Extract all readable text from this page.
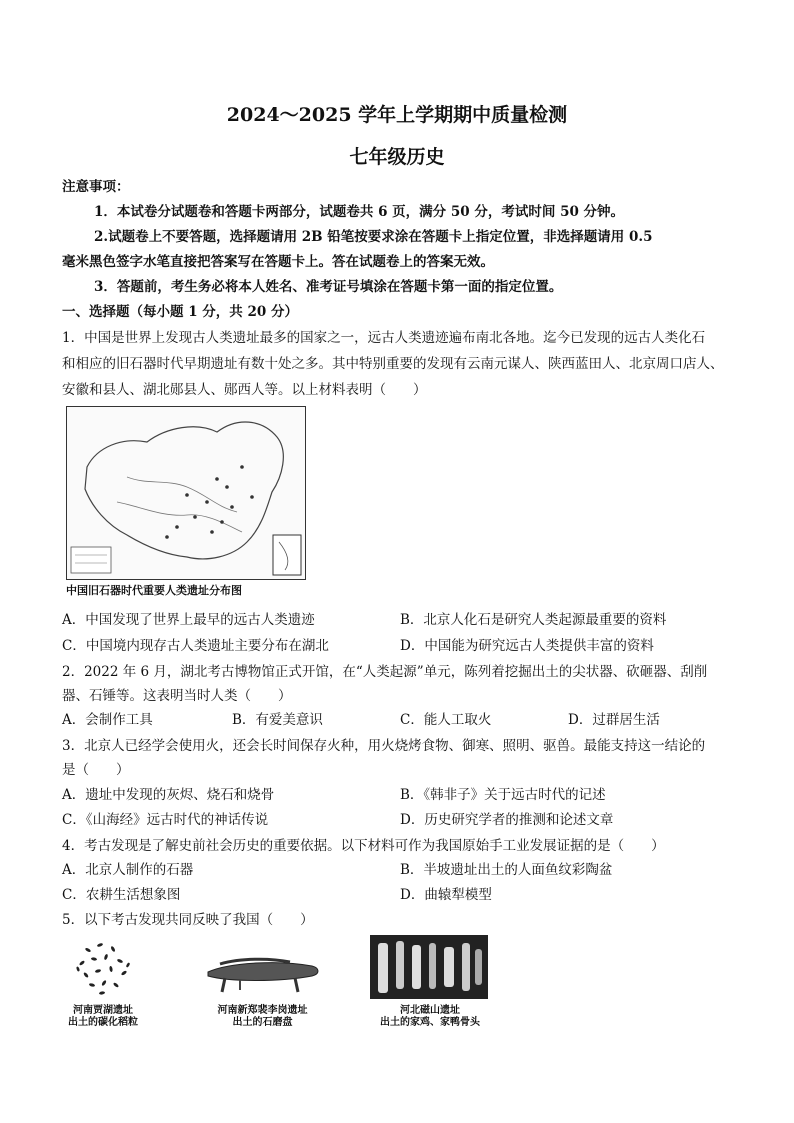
2024～2025 学年上学期期中质量检测
七年级历史
注意事项：
1．本试卷分试题卷和答题卡两部分，试题卷共 6 页，满分 50 分，考试时间 50 分钟。
2.试题卷上不要答题，选择题请用 2B 铅笔按要求涂在答题卡上指定位置，非选择题请用 0.5
毫米黑色签字水笔直接把答案写在答题卡上。答在试题卷上的答案无效。
3．答题前，考生务必将本人姓名、准考证号填涂在答题卡第一面的指定位置。
一、选择题（每小题 1 分，共 20 分）
1．中国是世界上发现古人类遗址最多的国家之一，远古人类遗迹遍布南北各地。迄今已发现的远古人类化石
和相应的旧石器时代早期遗址有数十处之多。其中特别重要的发现有云南元谋人、陕西蓝田人、北京周口店人、
安徽和县人、湖北郧县人、郧西人等。以上材料表明（　　）
中国旧石器时代重要人类遗址分布图
A．中国发现了世界上最早的远古人类遗迹	B．北京人化石是研究人类起源最重要的资料
C．中国境内现存古人类遗址主要分布在湖北	D．中国能为研究远古人类提供丰富的资料
2．2022 年 6 月，湖北考古博物馆正式开馆，在“人类起源”单元，陈列着挖掘出土的尖状器、砍砸器、刮削
器、石锤等。这表明当时人类（　　）
A．会制作工具	B．有爱美意识	C．能人工取火	D．过群居生活
3．北京人已经学会使用火，还会长时间保存火种，用火烧烤食物、御寒、照明、驱兽。最能支持这一结论的
是（　　）
A．遗址中发现的灰烬、烧石和烧骨	B．《韩非子》关于远古时代的记述
C．《山海经》远古时代的神话传说	D．历史研究学者的推测和论述文章
4．考古发现是了解史前社会历史的重要依据。以下材料可作为我国原始手工业发展证据的是（　　）
A．北京人制作的石器	B．半坡遗址出土的人面鱼纹彩陶盆
C．农耕生活想象图	D．曲辕犁模型
5．以下考古发现共同反映了我国（　　）
河南贾湖遗址
出土的碳化稻粒
河南新郑裴李岗遗址
出土的石磨盘
河北磁山遗址
出土的家鸡、家鸭骨头
